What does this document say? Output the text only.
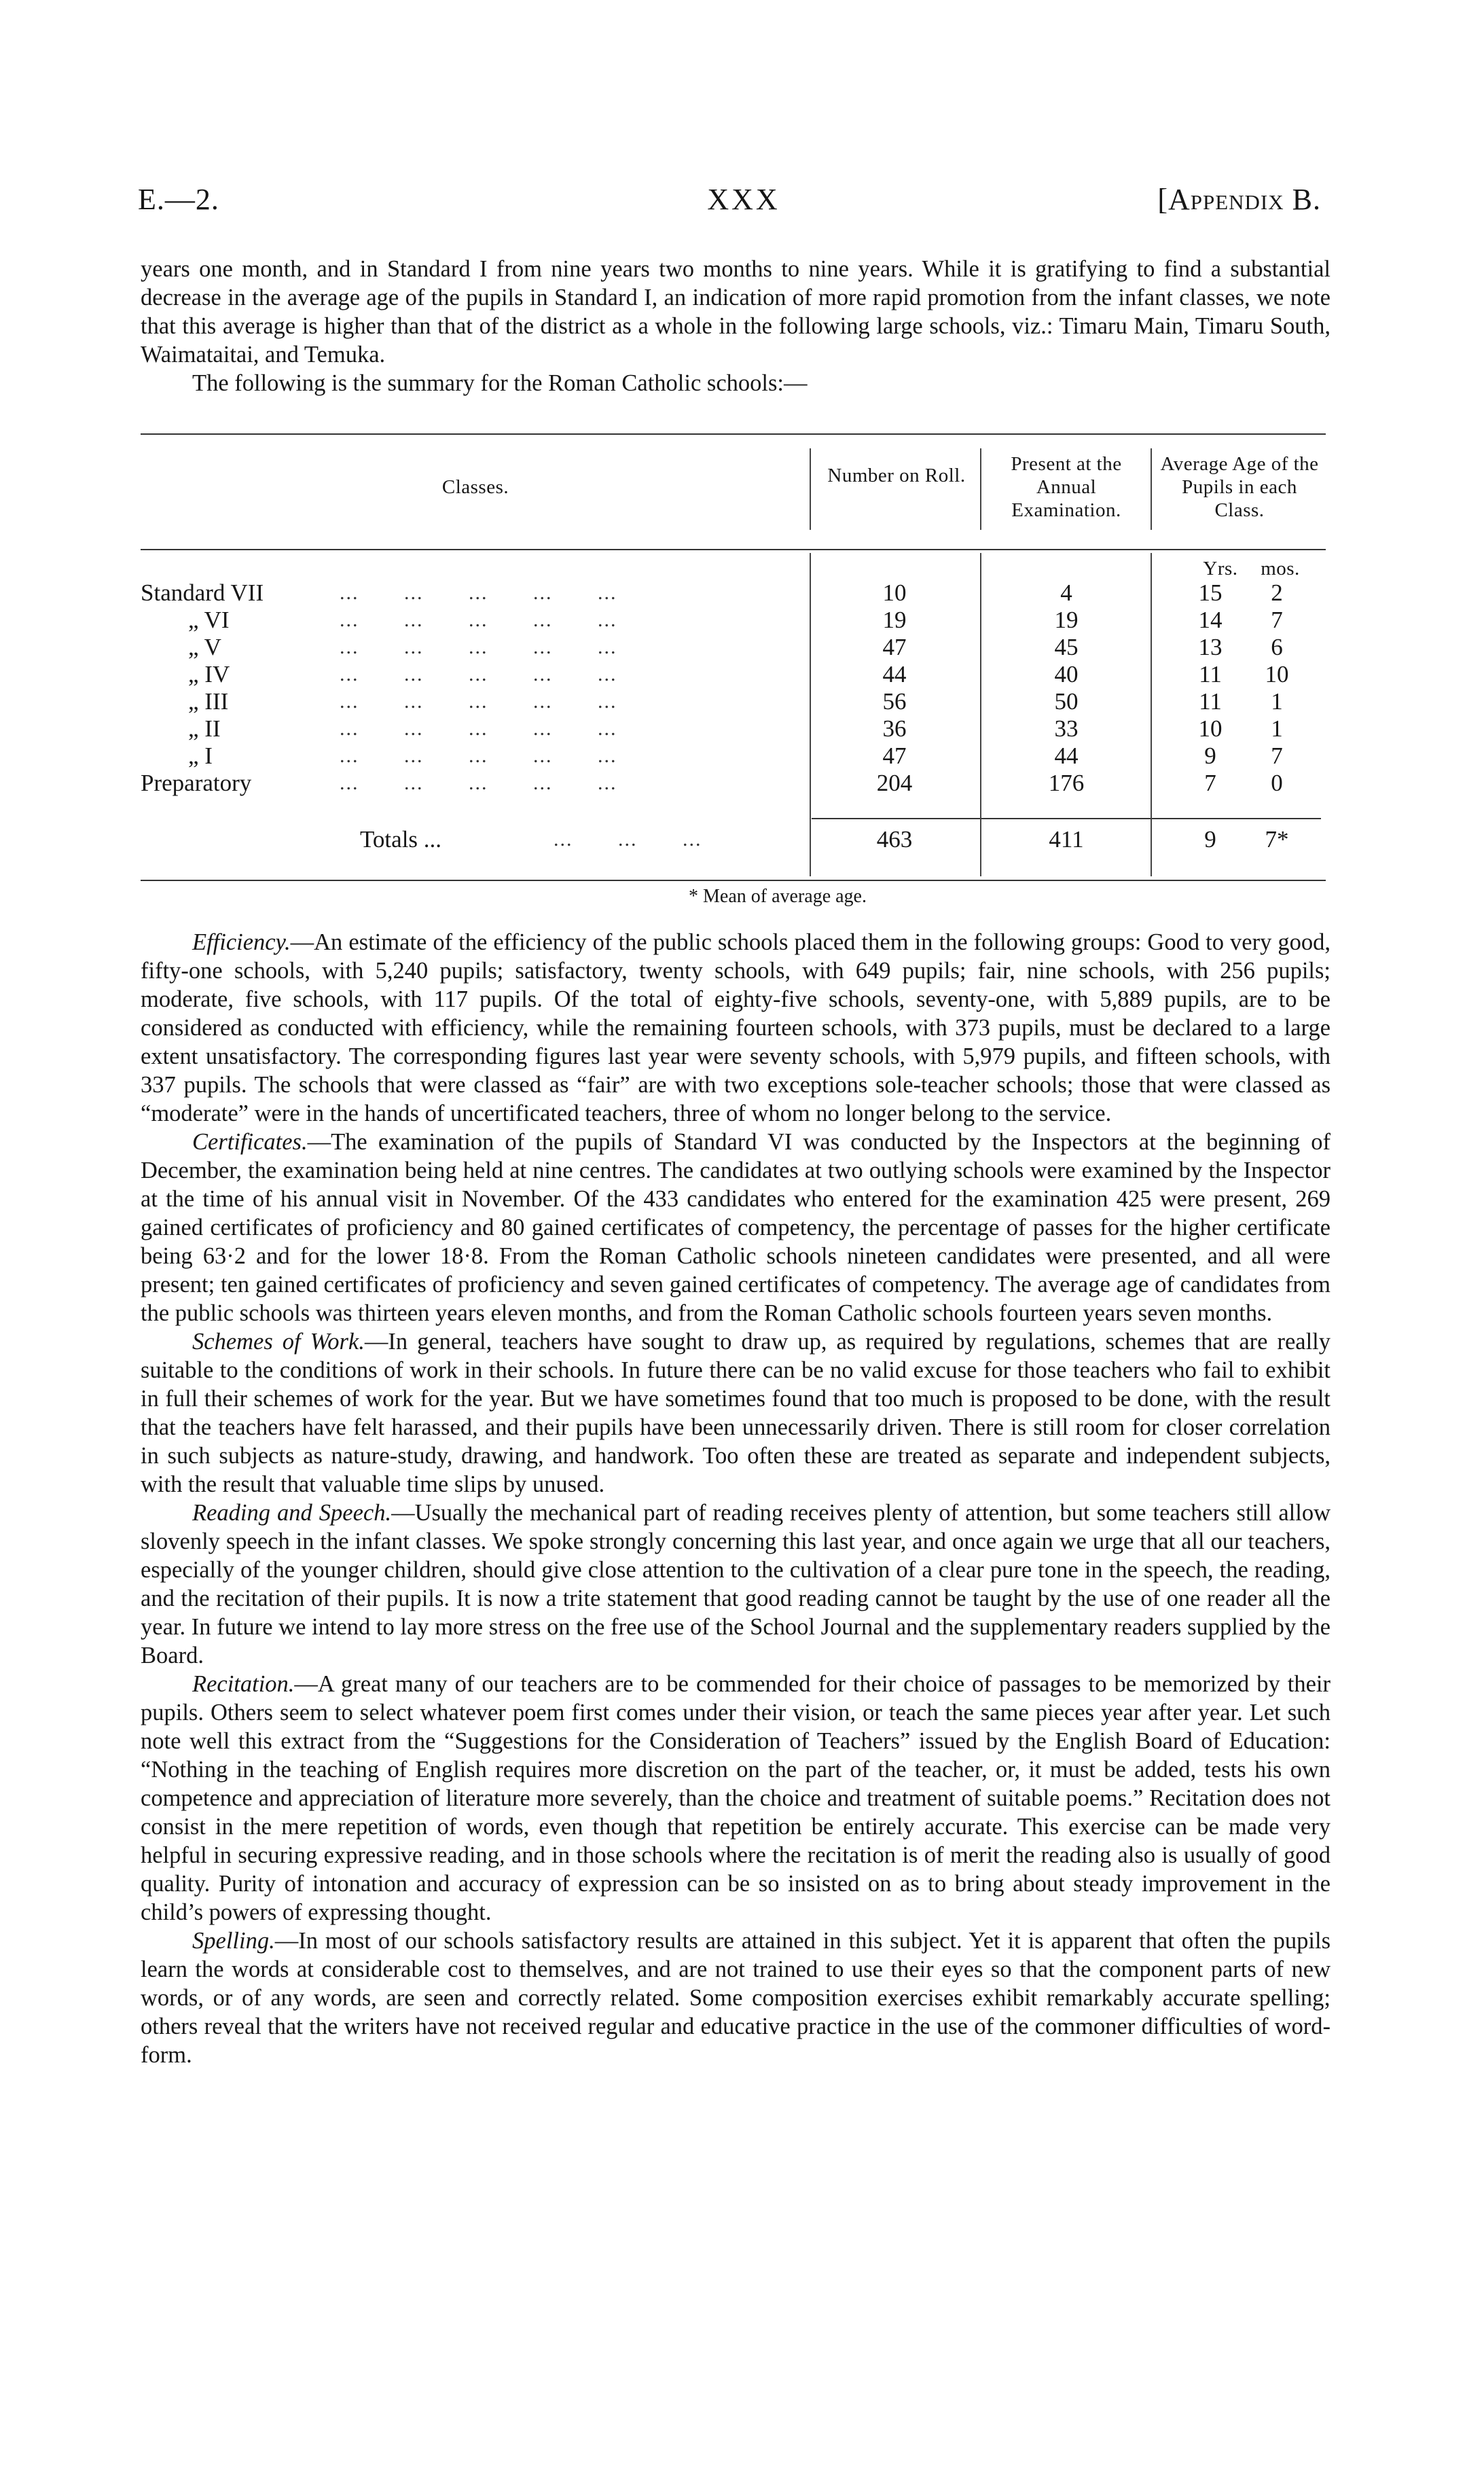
E.—2.	XXX	[Appendix B.

years one month, and in Standard I from nine years two months to nine years. While it is gratifying to find a substantial decrease in the average age of the pupils in Standard I, an indication of more rapid promotion from the infant classes, we note that this average is higher than that of the district as a whole in the following large schools, viz.: Timaru Main, Timaru South, Waimataitai, and Temuka.

The following is the summary for the Roman Catholic schools:—

Classes.
Number on Roll.
Present at the Annual Examination.
Average Age of the Pupils in each Class.
Yrs.	mos.
Standard VII	...       ...       ...       ...       ...	10	4	15	2
„ VI	...       ...       ...       ...       ...	19	19	14	7
„ V	...       ...       ...       ...       ...	47	45	13	6
„ IV	...       ...       ...       ...       ...	44	40	11	10
„ III	...       ...       ...       ...       ...	56	50	11	1
„ II	...       ...       ...       ...       ...	36	33	10	1
„ I	...       ...       ...       ...       ...	47	44	9	7
Preparatory	...       ...       ...       ...       ...	204	176	7	0
Totals ...	...       ...       ...	463	411	9	7*
* Mean of average age.

Efficiency.—An estimate of the efficiency of the public schools placed them in the following groups: Good to very good, fifty-one schools, with 5,240 pupils; satisfactory, twenty schools, with 649 pupils; fair, nine schools, with 256 pupils; moderate, five schools, with 117 pupils. Of the total of eighty-five schools, seventy-one, with 5,889 pupils, are to be considered as conducted with efficiency, while the remaining fourteen schools, with 373 pupils, must be declared to a large extent unsatisfactory. The corresponding figures last year were seventy schools, with 5,979 pupils, and fifteen schools, with 337 pupils. The schools that were classed as “fair” are with two exceptions sole-teacher schools; those that were classed as “moderate” were in the hands of uncertificated teachers, three of whom no longer belong to the service.

Certificates.—The examination of the pupils of Standard VI was conducted by the Inspectors at the beginning of December, the examination being held at nine centres. The candidates at two outlying schools were examined by the Inspector at the time of his annual visit in November. Of the 433 candidates who entered for the examination 425 were present, 269 gained certificates of proficiency and 80 gained certificates of competency, the percentage of passes for the higher certificate being 63·2 and for the lower 18·8. From the Roman Catholic schools nineteen candidates were presented, and all were present; ten gained certificates of proficiency and seven gained certificates of competency. The average age of candidates from the public schools was thirteen years eleven months, and from the Roman Catholic schools fourteen years seven months.

Schemes of Work.—In general, teachers have sought to draw up, as required by regulations, schemes that are really suitable to the conditions of work in their schools. In future there can be no valid excuse for those teachers who fail to exhibit in full their schemes of work for the year. But we have sometimes found that too much is proposed to be done, with the result that the teachers have felt harassed, and their pupils have been unnecessarily driven. There is still room for closer correlation in such subjects as nature-study, drawing, and handwork. Too often these are treated as separate and independent subjects, with the result that valuable time slips by unused.

Reading and Speech.—Usually the mechanical part of reading receives plenty of attention, but some teachers still allow slovenly speech in the infant classes. We spoke strongly concerning this last year, and once again we urge that all our teachers, especially of the younger children, should give close attention to the cultivation of a clear pure tone in the speech, the reading, and the recitation of their pupils. It is now a trite statement that good reading cannot be taught by the use of one reader all the year. In future we intend to lay more stress on the free use of the School Journal and the supplementary readers supplied by the Board.

Recitation.—A great many of our teachers are to be commended for their choice of passages to be memorized by their pupils. Others seem to select whatever poem first comes under their vision, or teach the same pieces year after year. Let such note well this extract from the “Suggestions for the Consideration of Teachers” issued by the English Board of Education: “Nothing in the teaching of English requires more discretion on the part of the teacher, or, it must be added, tests his own competence and appreciation of literature more severely, than the choice and treatment of suitable poems.” Recitation does not consist in the mere repetition of words, even though that repetition be entirely accurate. This exercise can be made very helpful in securing expressive reading, and in those schools where the recitation is of merit the reading also is usually of good quality. Purity of intonation and accuracy of expression can be so insisted on as to bring about steady improvement in the child’s powers of expressing thought.

Spelling.—In most of our schools satisfactory results are attained in this subject. Yet it is apparent that often the pupils learn the words at considerable cost to themselves, and are not trained to use their eyes so that the component parts of new words, or of any words, are seen and correctly related. Some composition exercises exhibit remarkably accurate spelling; others reveal that the writers have not received regular and educative practice in the use of the commoner difficulties of word-form.
